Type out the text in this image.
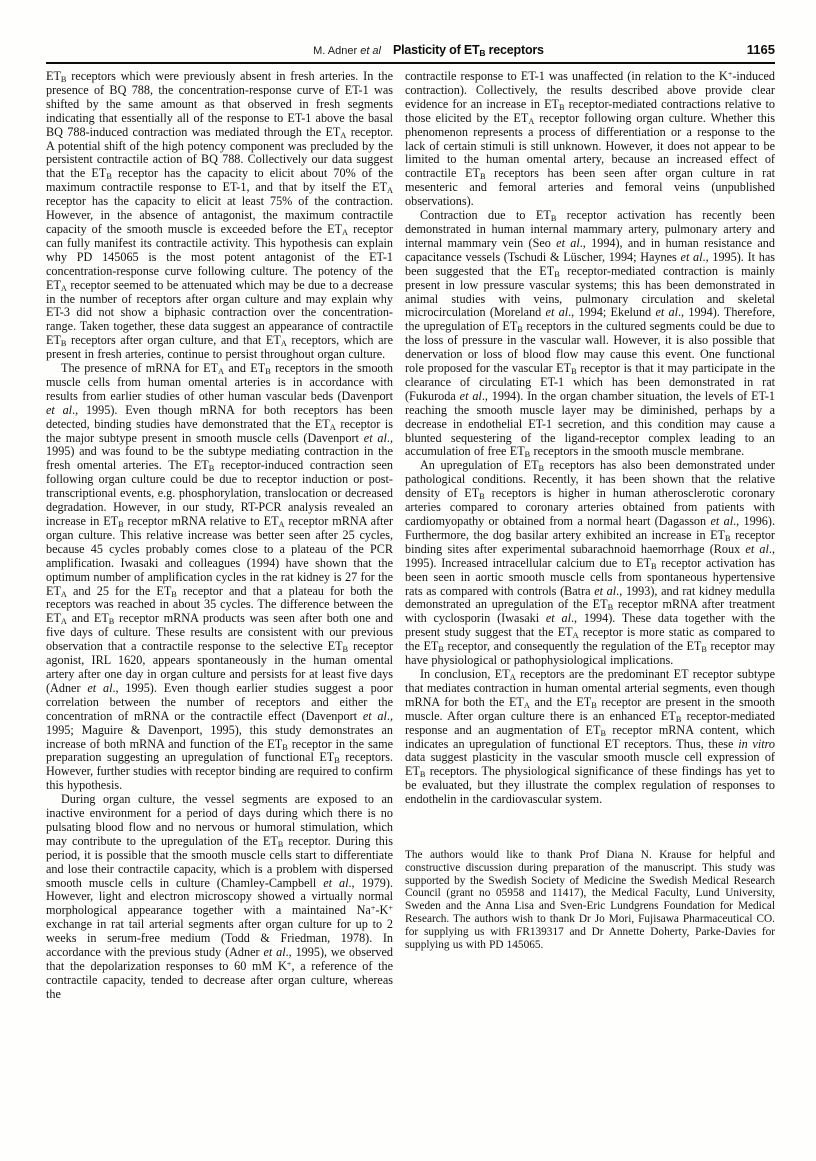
M. Adner et al Plasticity of $ET_B$ receptors	1165

$ET_B$ receptors which were previously absent in fresh arteries. In the presence of BQ 788, the concentration-response curve of ET-1 was shifted by the same amount as that observed in fresh segments indicating that essentially all of the response to ET-1 above the basal BQ 788-induced contraction was mediated through the $ET_A$ receptor. A potential shift of the high potency component was precluded by the persistent contractile action of BQ 788. Collectively our data suggest that the $ET_B$ receptor has the capacity to elicit about 70% of the maximum contractile response to ET-1, and that by itself the $ET_A$ receptor has the capacity to elicit at least 75% of the contraction. However, in the absence of antagonist, the maximum contractile capacity of the smooth muscle is exceeded before the $ET_A$ receptor can fully manifest its contractile activity. This hypothesis can explain why PD 145065 is the most potent antagonist of the ET-1 concentration-response curve following culture. The potency of the $ET_A$ receptor seemed to be attenuated which may be due to a decrease in the number of receptors after organ culture and may explain why ET-3 did not show a biphasic contraction over the concentration-range. Taken together, these data suggest an appearance of contractile $ET_B$ receptors after organ culture, and that $ET_A$ receptors, which are present in fresh arteries, continue to persist throughout organ culture.

The presence of mRNA for $ET_A$ and $ET_B$ receptors in the smooth muscle cells from human omental arteries is in accordance with results from earlier studies of other human vascular beds (Davenport et al., 1995). Even though mRNA for both receptors has been detected, binding studies have demonstrated that the $ET_A$ receptor is the major subtype present in smooth muscle cells (Davenport et al., 1995) and was found to be the subtype mediating contraction in the fresh omental arteries. The $ET_B$ receptor-induced contraction seen following organ culture could be due to receptor induction or post-transcriptional events, e.g. phosphorylation, translocation or decreased degradation. However, in our study, RT-PCR analysis revealed an increase in $ET_B$ receptor mRNA relative to $ET_A$ receptor mRNA after organ culture. This relative increase was better seen after 25 cycles, because 45 cycles probably comes close to a plateau of the PCR amplification. Iwasaki and colleagues (1994) have shown that the optimum number of amplification cycles in the rat kidney is 27 for the $ET_A$ and 25 for the $ET_B$ receptor and that a plateau for both the receptors was reached in about 35 cycles. The difference between the $ET_A$ and $ET_B$ receptor mRNA products was seen after both one and five days of culture. These results are consistent with our previous observation that a contractile response to the selective $ET_B$ receptor agonist, IRL 1620, appears spontaneously in the human omental artery after one day in organ culture and persists for at least five days (Adner et al., 1995). Even though earlier studies suggest a poor correlation between the number of receptors and either the concentration of mRNA or the contractile effect (Davenport et al., 1995; Maguire & Davenport, 1995), this study demonstrates an increase of both mRNA and function of the $ET_B$ receptor in the same preparation suggesting an upregulation of functional $ET_B$ receptors. However, further studies with receptor binding are required to confirm this hypothesis.

During organ culture, the vessel segments are exposed to an inactive environment for a period of days during which there is no pulsating blood flow and no nervous or humoral stimulation, which may contribute to the upregulation of the $ET_B$ receptor. During this period, it is possible that the smooth muscle cells start to differentiate and lose their contractile capacity, which is a problem with dispersed smooth muscle cells in culture (Chamley-Campbell et al., 1979). However, light and electron microscopy showed a virtually normal morphological appearance together with a maintained Na+-K+ exchange in rat tail arterial segments after organ culture for up to 2 weeks in serum-free medium (Todd & Friedman, 1978). In accordance with the previous study (Adner et al., 1995), we observed that the depolarization responses to 60 mM K+, a reference of the contractile capacity, tended to decrease after organ culture, whereas the

contractile response to ET-1 was unaffected (in relation to the K+-induced contraction). Collectively, the results described above provide clear evidence for an increase in $ET_B$ receptor-mediated contractions relative to those elicited by the $ET_A$ receptor following organ culture. Whether this phenomenon represents a process of differentiation or a response to the lack of certain stimuli is still unknown. However, it does not appear to be limited to the human omental artery, because an increased effect of contractile $ET_B$ receptors has been seen after organ culture in rat mesenteric and femoral arteries and femoral veins (unpublished observations).

Contraction due to $ET_B$ receptor activation has recently been demonstrated in human internal mammary artery, pulmonary artery and internal mammary vein (Seo et al., 1994), and in human resistance and capacitance vessels (Tschudi & Lüscher, 1994; Haynes et al., 1995). It has been suggested that the $ET_B$ receptor-mediated contraction is mainly present in low pressure vascular systems; this has been demonstrated in animal studies with veins, pulmonary circulation and skeletal microcirculation (Moreland et al., 1994; Ekelund et al., 1994). Therefore, the upregulation of $ET_B$ receptors in the cultured segments could be due to the loss of pressure in the vascular wall. However, it is also possible that denervation or loss of blood flow may cause this event. One functional role proposed for the vascular $ET_B$ receptor is that it may participate in the clearance of circulating ET-1 which has been demonstrated in rat (Fukuroda et al., 1994). In the organ chamber situation, the levels of ET-1 reaching the smooth muscle layer may be diminished, perhaps by a decrease in endothelial ET-1 secretion, and this condition may cause a blunted sequestering of the ligand-receptor complex leading to an accumulation of free $ET_B$ receptors in the smooth muscle membrane.

An upregulation of $ET_B$ receptors has also been demonstrated under pathological conditions. Recently, it has been shown that the relative density of $ET_B$ receptors is higher in human atherosclerotic coronary arteries compared to coronary arteries obtained from patients with cardiomyopathy or obtained from a normal heart (Dagasson et al., 1996). Furthermore, the dog basilar artery exhibited an increase in $ET_B$ receptor binding sites after experimental subarachnoid haemorrhage (Roux et al., 1995). Increased intracellular calcium due to $ET_B$ receptor activation has been seen in aortic smooth muscle cells from spontaneous hypertensive rats as compared with controls (Batra et al., 1993), and rat kidney medulla demonstrated an upregulation of the $ET_B$ receptor mRNA after treatment with cyclosporin (Iwasaki et al., 1994). These data together with the present study suggest that the $ET_A$ receptor is more static as compared to the $ET_B$ receptor, and consequently the regulation of the $ET_B$ receptor may have physiological or pathophysiological implications.

In conclusion, $ET_A$ receptors are the predominant ET receptor subtype that mediates contraction in human omental arterial segments, even though mRNA for both the $ET_A$ and the $ET_B$ receptor are present in the smooth muscle. After organ culture there is an enhanced $ET_B$ receptor-mediated response and an augmentation of $ET_B$ receptor mRNA content, which indicates an upregulation of functional ET receptors. Thus, these in vitro data suggest plasticity in the vascular smooth muscle cell expression of $ET_B$ receptors. The physiological significance of these findings has yet to be evaluated, but they illustrate the complex regulation of responses to endothelin in the cardiovascular system.

The authors would like to thank Prof Diana N. Krause for helpful and constructive discussion during preparation of the manuscript. This study was supported by the Swedish Society of Medicine the Swedish Medical Research Council (grant no 05958 and 11417), the Medical Faculty, Lund University, Sweden and the Anna Lisa and Sven-Eric Lundgrens Foundation for Medical Research. The authors wish to thank Dr Jo Mori, Fujisawa Pharmaceutical CO. for supplying us with FR139317 and Dr Annette Doherty, Parke-Davies for supplying us with PD 145065.
